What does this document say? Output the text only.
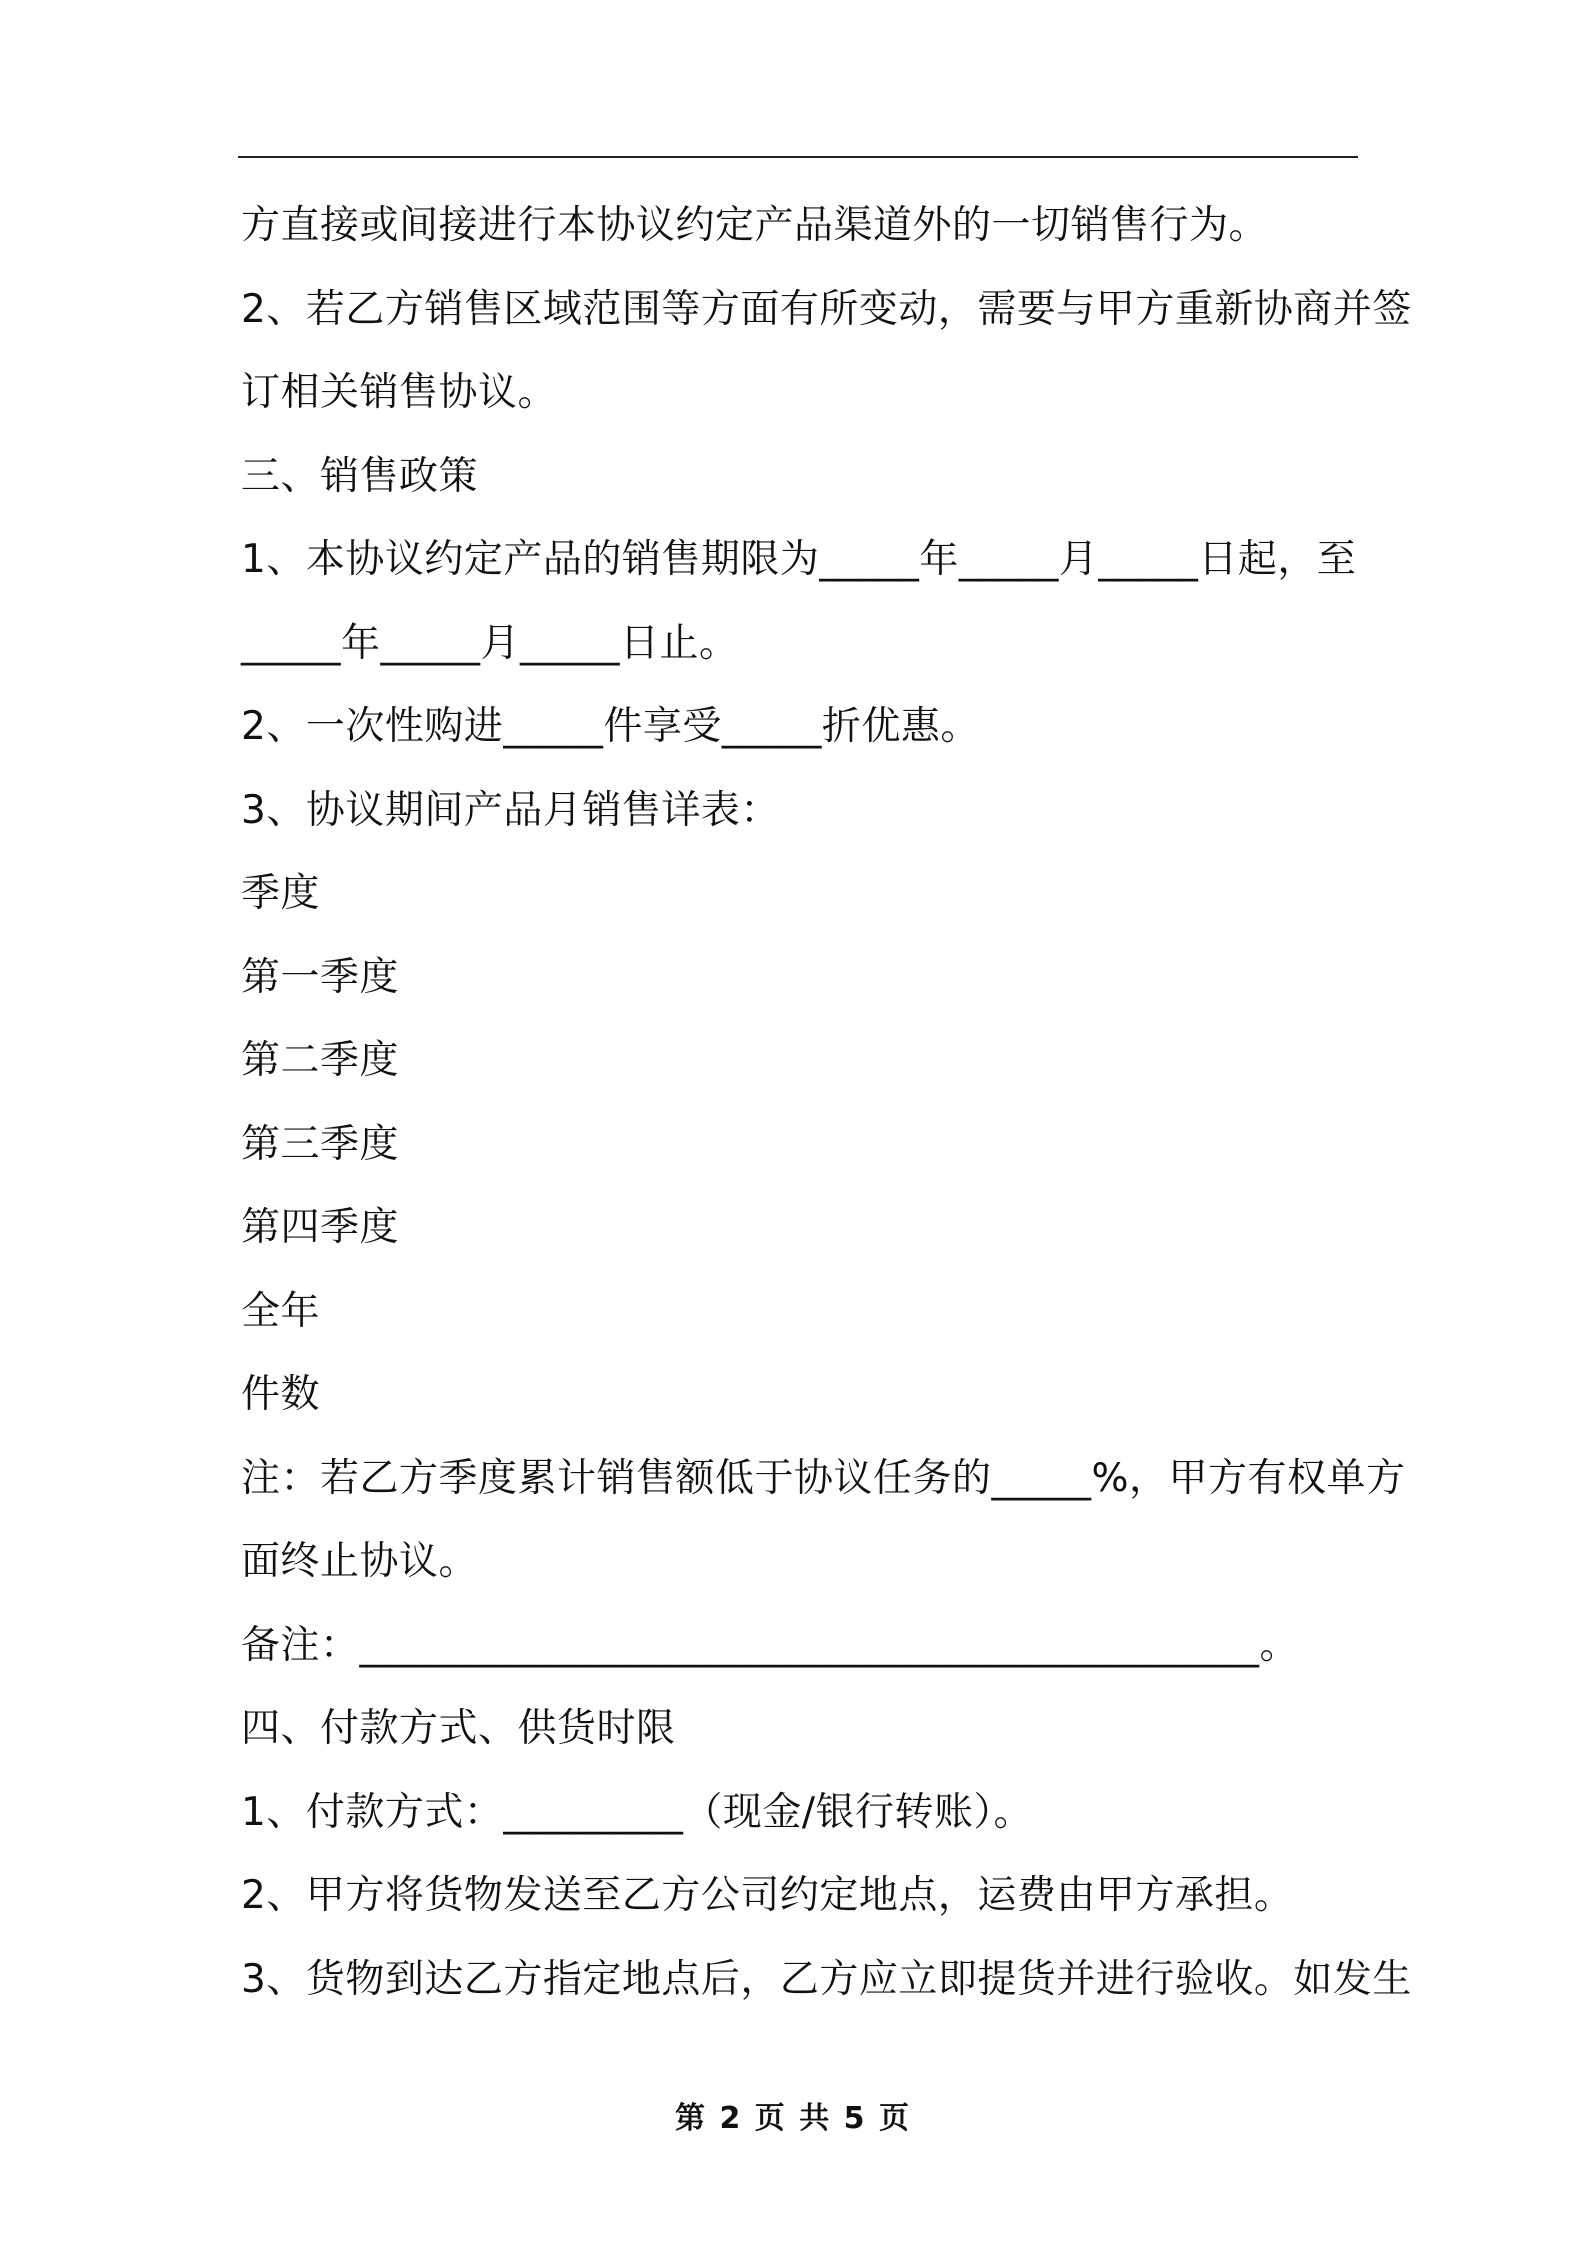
方直接或间接进行本协议约定产品渠道外的一切销售行为。
2、若乙方销售区域范围等方面有所变动，需要与甲方重新协商并签
订相关销售协议。
三、销售政策
1、本协议约定产品的销售期限为_____年_____月_____日起，至
_____年_____月_____日止。
2、一次性购进_____件享受_____折优惠。
3、协议期间产品月销售详表：
季度
第一季度
第二季度
第三季度
第四季度
全年
件数
注：若乙方季度累计销售额低于协议任务的_____%，甲方有权单方
面终止协议。
备注：_____________________________________________。
四、付款方式、供货时限
1、付款方式：_________（现金/银行转账）。
2、甲方将货物发送至乙方公司约定地点，运费由甲方承担。
3、货物到达乙方指定地点后，乙方应立即提货并进行验收。如发生
第 2 页 共 5 页
